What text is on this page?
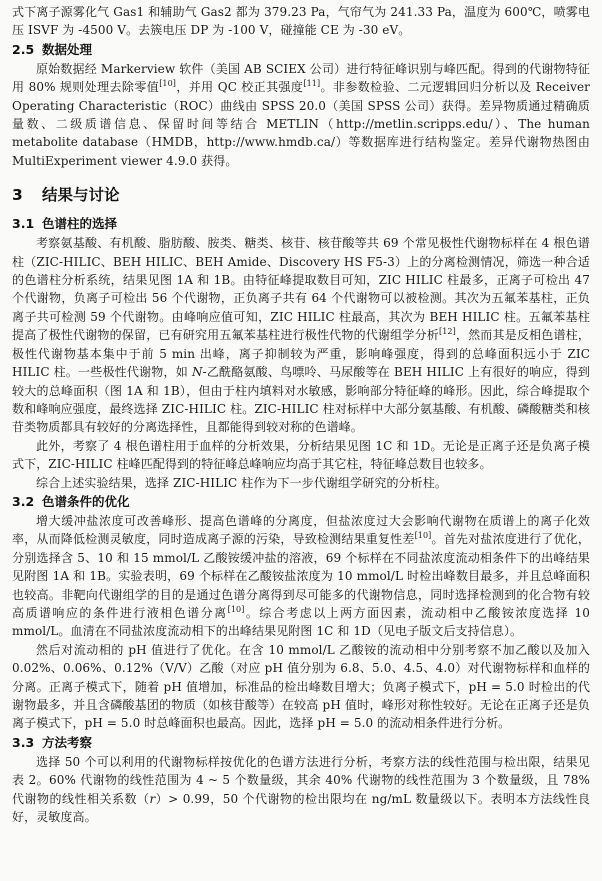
式下离子源雾化气 Gas1 和辅助气 Gas2 都为 379.23 Pa，气帘气为 241.33 Pa，温度为 600℃，喷雾电压 ISVF 为 -4500 V。去簇电压 DP 为 -100 V，碰撞能 CE 为 -30 eV。

2.5 数据处理

原始数据经 Markerview 软件（美国 AB SCIEX 公司）进行特征峰识别与峰匹配。得到的代谢物特征用 80% 规则处理去除零值[10]，并用 QC 校正其强度[11]。非参数检验、二元逻辑回归分析以及 Receiver Operating Characteristic（ROC）曲线由 SPSS 20.0（美国 SPSS 公司）获得。差异物质通过精确质量数、二级质谱信息、保留时间等结合 METLIN（http://metlin.scripps.edu/）、The human metabolite database（HMDB，http://www.hmdb.ca/）等数据库进行结构鉴定。差异代谢物热图由 MultiExperiment viewer 4.9.0 获得。

3 结果与讨论
3.1 色谱柱的选择

考察氨基酸、有机酸、脂肪酸、胺类、糖类、核苷、核苷酸等共 69 个常见极性代谢物标样在 4 根色谱柱（ZIC-HILIC、BEH HILIC、BEH Amide、Discovery HS F5-3）上的分离检测情况，筛选一种合适的色谱柱分析系统，结果见图 1A 和 1B。由特征峰提取数目可知，ZIC HILIC 柱最多，正离子可检出 47 个代谢物，负离子可检出 56 个代谢物，正负离子共有 64 个代谢物可以被检测。其次为五氟苯基柱，正负离子共可检测 59 个代谢物。由峰响应值可知，ZIC HILIC 柱最高，其次为 BEH HILIC 柱。五氟苯基柱提高了极性代谢物的保留，已有研究用五氟苯基柱进行极性代物的代谢组学分析[12]，然而其是反相色谱柱，极性代谢物基本集中于前 5 min 出峰，离子抑制较为严重，影响峰强度，得到的总峰面积远小于 ZIC HILIC 柱。一些极性代谢物，如 N-乙酰酪氨酸、鸟嘌呤、马尿酸等在 BEH HILIC 上有很好的响应，得到较大的总峰面积（图 1A 和 1B），但由于柱内填料对水敏感，影响部分特征峰的峰形。因此，综合峰提取个数和峰响应强度，最终选择 ZIC-HILIC 柱。ZIC-HILIC 柱对标样中大部分氨基酸、有机酸、磷酸糖类和核苷类物质都具有较好的分离选择性，且都能得到较对称的色谱峰。

此外，考察了 4 根色谱柱用于血样的分析效果，分析结果见图 1C 和 1D。无论是正离子还是负离子模式下，ZIC-HILIC 柱峰匹配得到的特征峰总峰响应均高于其它柱，特征峰总数目也较多。

综合上述实验结果，选择 ZIC-HILIC 柱作为下一步代谢组学研究的分析柱。

3.2 色谱条件的优化

增大缓冲盐浓度可改善峰形、提高色谱峰的分离度，但盐浓度过大会影响代谢物在质谱上的离子化效率，从而降低检测灵敏度，同时造成离子源的污染，导致检测结果重复性差[10]。首先对盐浓度进行了优化，分别选择含 5、10 和 15 mmol/L 乙酸铵缓冲盐的溶液，69 个标样在不同盐浓度流动相条件下的出峰结果见附图 1A 和 1B。实验表明，69 个标样在乙酸铵盐浓度为 10 mmol/L 时检出峰数目最多，并且总峰面积也较高。非靶向代谢组学的目的是通过色谱分离得到尽可能多的代谢物信息，同时选择检测到的化合物有较高质谱响应的条件进行液相色谱分离[10]。综合考虑以上两方面因素，流动相中乙酸铵浓度选择 10 mmol/L。血清在不同盐浓度流动相下的出峰结果见附图 1C 和 1D（见电子版文后支持信息）。

然后对流动相的 pH 值进行了优化。在含 10 mmol/L 乙酸铵的流动相中分别考察不加乙酸以及加入 0.02%、0.06%、0.12%（V/V）乙酸（对应 pH 值分别为 6.8、5.0、4.5、4.0）对代谢物标样和血样的分离。正离子模式下，随着 pH 值增加，标准品的检出峰数目增大；负离子模式下，pH = 5.0 时检出的代谢物最多，并且含磷酸基团的物质（如核苷酸等）在较高 pH 值时，峰形对称性较好。无论在正离子还是负离子模式下，pH = 5.0 时总峰面积也最高。因此，选择 pH = 5.0 的流动相条件进行分析。

3.3 方法考察

选择 50 个可以利用的代谢物标样按优化的色谱方法进行分析，考察方法的线性范围与检出限，结果见表 2。60% 代谢物的线性范围为 4 ~ 5 个数量级，其余 40% 代谢物的线性范围为 3 个数量级，且 78% 代谢物的线性相关系数（r）> 0.99，50 个代谢物的检出限均在 ng/mL 数量级以下。表明本方法线性良好，灵敏度高。
